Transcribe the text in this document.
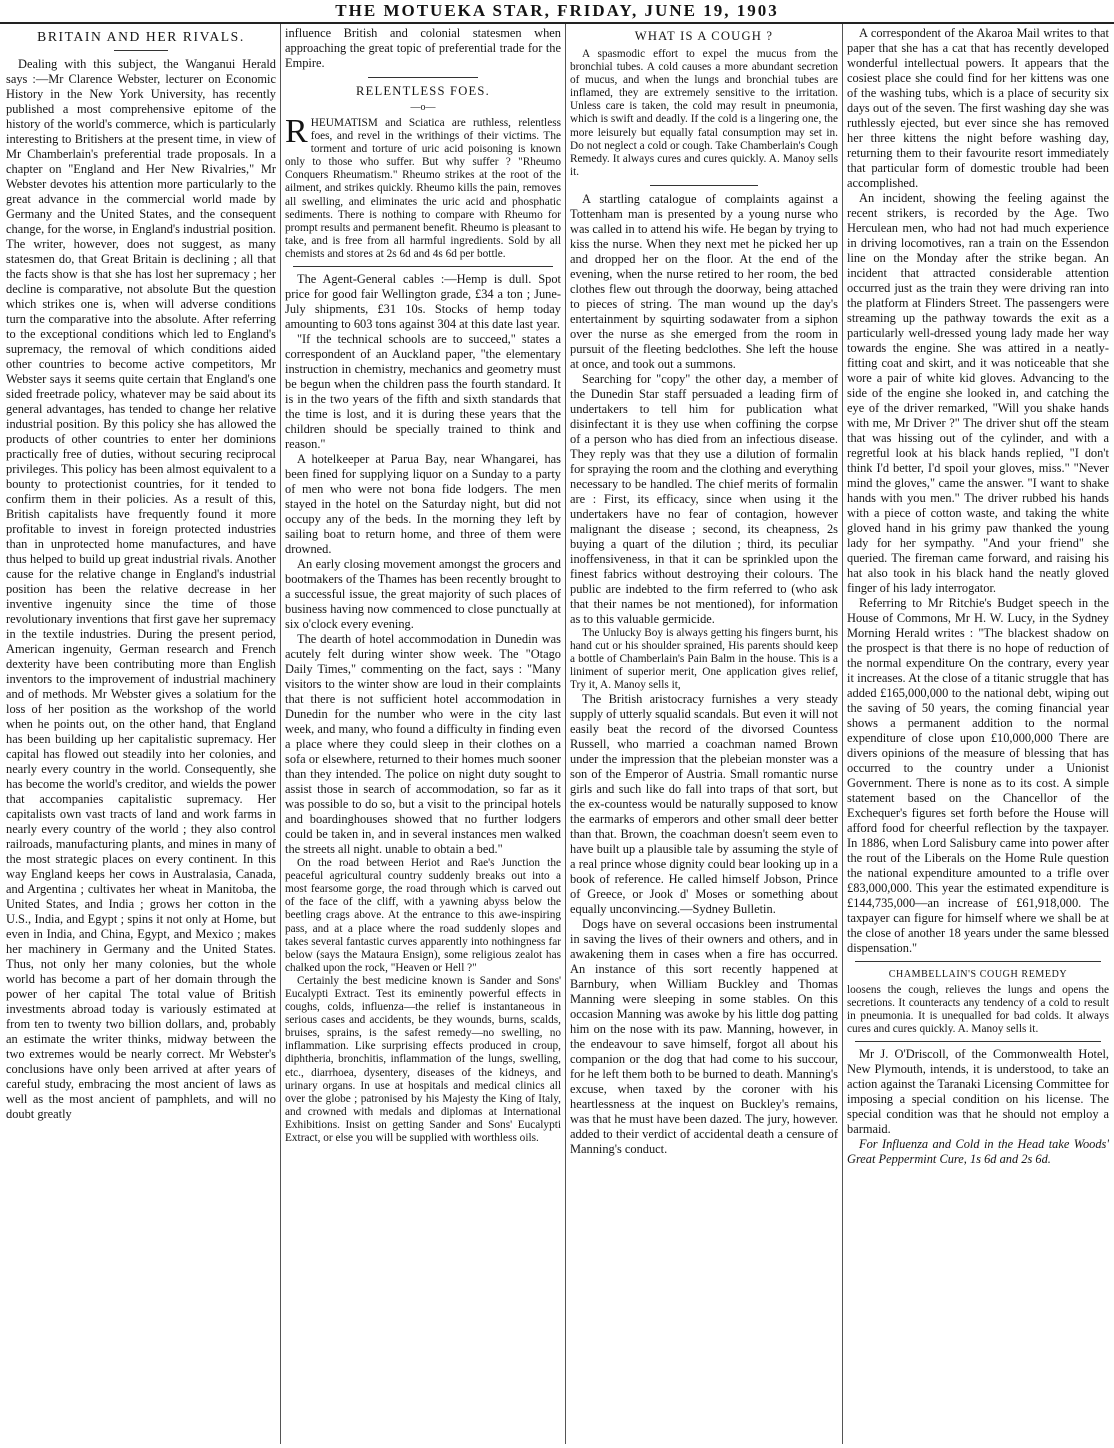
THE MOTUEKA STAR, FRIDAY, JUNE 19, 1903
BRITAIN AND HER RIVALS.

Dealing with this subject, the Wanganui Herald says :—Mr Clarence Webster, lecturer on Economic History in the New York University, has recently published a most comprehensive epitome of the history of the world's commerce, which is particularly interesting to Britishers at the present time, in view of Mr Chamberlain's preferential trade proposals. In a chapter on "England and Her New Rivalries," Mr Webster devotes his attention more particularly to the great advance in the commercial world made by Germany and the United States, and the consequent change, for the worse, in England's industrial position. The writer, however, does not suggest, as many statesmen do, that Great Britain is declining ; all that the facts show is that she has lost her supremacy ; her decline is comparative, not absolute But the question which strikes one is, when will adverse conditions turn the comparative into the absolute. After referring to the exceptional conditions which led to England's supremacy, the removal of which conditions aided other countries to become active competitors, Mr Webster says it seems quite certain that England's one sided freetrade policy, whatever may be said about its general advantages, has tended to change her relative industrial position. By this policy she has allowed the products of other countries to enter her dominions practically free of duties, without securing reciprocal privileges. This policy has been almost equivalent to a bounty to protectionist countries, for it tended to confirm them in their policies. As a result of this, British capitalists have frequently found it more profitable to invest in foreign protected industries than in unprotected home manufactures, and have thus helped to build up great industrial rivals. Another cause for the relative change in England's industrial position has been the relative decrease in her inventive ingenuity since the time of those revolutionary inventions that first gave her supremacy in the textile industries. During the present period, American ingenuity, German research and French dexterity have been contributing more than English inventors to the improvement of industrial machinery and of methods. Mr Webster gives a solatium for the loss of her position as the workshop of the world when he points out, on the other hand, that England has been building up her capitalistic supremacy. Her capital has flowed out steadily into her colonies, and nearly every country in the world. Consequently, she has become the world's creditor, and wields the power that accompanies capitalistic supremacy. Her capitalists own vast tracts of land and work farms in nearly every country of the world ; they also control railroads, manufacturing plants, and mines in many of the most strategic places on every continent. In this way England keeps her cows in Australasia, Canada, and Argentina ; cultivates her wheat in Manitoba, the United States, and India ; grows her cotton in the U.S., India, and Egypt ; spins it not only at Home, but even in India, and China, Egypt, and Mexico ; makes her machinery in Germany and the United States. Thus, not only her many colonies, but the whole world has become a part of her domain through the power of her capital The total value of British investments abroad today is variously estimated at from ten to twenty two billion dollars, and, probably an estimate the writer thinks, midway between the two extremes would be nearly correct. Mr Webster's conclusions have only been arrived at after years of careful study, embracing the most ancient of laws as well as the most ancient of pamphlets, and will no doubt greatly

influence British and colonial statesmen when approaching the great topic of preferential trade for the Empire.

RELENTLESS FOES.
—o—

RHEUMATISM and Sciatica are ruthless, relentless foes, and revel in the writhings of their victims. The torment and torture of uric acid poisoning is known only to those who suffer. But why suffer ? "Rheumo Conquers Rheumatism." Rheumo strikes at the root of the ailment, and strikes quickly. Rheumo kills the pain, removes all swelling, and eliminates the uric acid and phosphatic sediments. There is nothing to compare with Rheumo for prompt results and permanent benefit. Rheumo is pleasant to take, and is free from all harmful ingredients. Sold by all chemists and stores at 2s 6d and 4s 6d per bottle.

The Agent-General cables :—Hemp is dull. Spot price for good fair Wellington grade, £34 a ton ; June-July shipments, £31 10s. Stocks of hemp today amounting to 603 tons against 304 at this date last year.

"If the technical schools are to succeed," states a correspondent of an Auckland paper, "the elementary instruction in chemistry, mechanics and geometry must be begun when the children pass the fourth standard. It is in the two years of the fifth and sixth standards that the time is lost, and it is during these years that the children should be specially trained to think and reason."

A hotelkeeper at Parua Bay, near Whangarei, has been fined for supplying liquor on a Sunday to a party of men who were not bona fide lodgers. The men stayed in the hotel on the Saturday night, but did not occupy any of the beds. In the morning they left by sailing boat to return home, and three of them were drowned.

An early closing movement amongst the grocers and bootmakers of the Thames has been recently brought to a successful issue, the great majority of such places of business having now commenced to close punctually at six o'clock every evening.

The dearth of hotel accommodation in Dunedin was acutely felt during winter show week. The "Otago Daily Times," commenting on the fact, says : "Many visitors to the winter show are loud in their complaints that there is not sufficient hotel accommodation in Dunedin for the number who were in the city last week, and many, who found a difficulty in finding even a place where they could sleep in their clothes on a sofa or elsewhere, returned to their homes much sooner than they intended. The police on night duty sought to assist those in search of accommodation, so far as it was possible to do so, but a visit to the principal hotels and boardinghouses showed that no further lodgers could be taken in, and in several instances men walked the streets all night. unable to obtain a bed."

On the road between Heriot and Rae's Junction the peaceful agricultural country suddenly breaks out into a most fearsome gorge, the road through which is carved out of the face of the cliff, with a yawning abyss below the beetling crags above. At the entrance to this awe-inspiring pass, and at a place where the road suddenly slopes and takes several fantastic curves apparently into nothingness far below (says the Mataura Ensign), some religious zealot has chalked upon the rock, "Heaven or Hell ?"

Certainly the best medicine known is Sander and Sons' Eucalypti Extract. Test its eminently powerful effects in coughs, colds, influenza—the relief is instantaneous in serious cases and accidents, be they wounds, burns, scalds, bruises, sprains, is the safest remedy—no swelling, no inflammation. Like surprising effects produced in croup, diphtheria, bronchitis, inflammation of the lungs, swelling, etc., diarrhoea, dysentery, diseases of the kidneys, and urinary organs. In use at hospitals and medical clinics all over the globe ; patronised by his Majesty the King of Italy, and crowned with medals and diplomas at International Exhibitions. Insist on getting Sander and Sons' Eucalypti Extract, or else you will be supplied with worthless oils.

WHAT IS A COUGH ?

A spasmodic effort to expel the mucus from the bronchial tubes. A cold causes a more abundant secretion of mucus, and when the lungs and bronchial tubes are inflamed, they are extremely sensitive to the irritation. Unless care is taken, the cold may result in pneumonia, which is swift and deadly. If the cold is a lingering one, the more leisurely but equally fatal consumption may set in. Do not neglect a cold or cough. Take Chamberlain's Cough Remedy. It always cures and cures quickly. A. Manoy sells it.

A startling catalogue of complaints against a Tottenham man is presented by a young nurse who was called in to attend his wife. He began by trying to kiss the nurse. When they next met he picked her up and dropped her on the floor. At the end of the evening, when the nurse retired to her room, the bed clothes flew out through the doorway, being attached to pieces of string. The man wound up the day's entertainment by squirting sodawater from a siphon over the nurse as she emerged from the room in pursuit of the fleeting bedclothes. She left the house at once, and took out a summons.

Searching for "copy" the other day, a member of the Dunedin Star staff persuaded a leading firm of undertakers to tell him for publication what disinfectant it is they use when coffining the corpse of a person who has died from an infectious disease. They reply was that they use a dilution of formalin for spraying the room and the clothing and everything necessary to be handled. The chief merits of formalin are : First, its efficacy, since when using it the undertakers have no fear of contagion, however malignant the disease ; second, its cheapness, 2s buying a quart of the dilution ; third, its peculiar inoffensiveness, in that it can be sprinkled upon the finest fabrics without destroying their colours. The public are indebted to the firm referred to (who ask that their names be not mentioned), for information as to this valuable germicide.

The Unlucky Boy is always getting his fingers burnt, his hand cut or his shoulder sprained, His parents should keep a bottle of Chamberlain's Pain Balm in the house. This is a liniment of superior merit, One application gives relief, Try it, A. Manoy sells it,

The British aristocracy furnishes a very steady supply of utterly squalid scandals. But even it will not easily beat the record of the divorsed Countess Russell, who married a coachman named Brown under the impression that the plebeian monster was a son of the Emperor of Austria. Small romantic nurse girls and such like do fall into traps of that sort, but the ex-countess would be naturally supposed to know the earmarks of emperors and other small deer better than that. Brown, the coachman doesn't seem even to have built up a plausible tale by assuming the style of a real prince whose dignity could bear looking up in a book of reference. He called himself Jobson, Prince of Greece, or Jook d' Moses or something about equally unconvincing.—Sydney Bulletin.

Dogs have on several occasions been instrumental in saving the lives of their owners and others, and in awakening them in cases when a fire has occurred. An instance of this sort recently happened at Barnbury, when William Buckley and Thomas Manning were sleeping in some stables. On this occasion Manning was awoke by his little dog patting him on the nose with its paw. Manning, however, in the endeavour to save himself, forgot all about his companion or the dog that had come to his succour, for he left them both to be burned to death. Manning's excuse, when taxed by the coroner with his heartlessness at the inquest on Buckley's remains, was that he must have been dazed. The jury, however. added to their verdict of accidental death a censure of Manning's conduct.

A correspondent of the Akaroa Mail writes to that paper that she has a cat that has recently developed wonderful intellectual powers. It appears that the cosiest place she could find for her kittens was one of the washing tubs, which is a place of security six days out of the seven. The first washing day she was ruthlessly ejected, but ever since she has removed her three kittens the night before washing day, returning them to their favourite resort immediately that particular form of domestic trouble had been accomplished.

An incident, showing the feeling against the recent strikers, is recorded by the Age. Two Herculean men, who had not had much experience in driving locomotives, ran a train on the Essendon line on the Monday after the strike began. An incident that attracted considerable attention occurred just as the train they were driving ran into the platform at Flinders Street. The passengers were streaming up the pathway towards the exit as a particularly well-dressed young lady made her way towards the engine. She was attired in a neatly-fitting coat and skirt, and it was noticeable that she wore a pair of white kid gloves. Advancing to the side of the engine she looked in, and catching the eye of the driver remarked, "Will you shake hands with me, Mr Driver ?" The driver shut off the steam that was hissing out of the cylinder, and with a regretful look at his black hands replied, "I don't think I'd better, I'd spoil your gloves, miss." "Never mind the gloves," came the answer. "I want to shake hands with you men." The driver rubbed his hands with a piece of cotton waste, and taking the white gloved hand in his grimy paw thanked the young lady for her sympathy. "And your friend" she queried. The fireman came forward, and raising his hat also took in his black hand the neatly gloved finger of his lady interrogator.

Referring to Mr Ritchie's Budget speech in the House of Commons, Mr H. W. Lucy, in the Sydney Morning Herald writes : "The blackest shadow on the prospect is that there is no hope of reduction of the normal expenditure On the contrary, every year it increases. At the close of a titanic struggle that has added £165,000,000 to the national debt, wiping out the saving of 50 years, the coming financial year shows a permanent addition to the normal expenditure of close upon £10,000,000 There are divers opinions of the measure of blessing that has occurred to the country under a Unionist Government. There is none as to its cost. A simple statement based on the Chancellor of the Exchequer's figures set forth before the House will afford food for cheerful reflection by the taxpayer. In 1886, when Lord Salisbury came into power after the rout of the Liberals on the Home Rule question the national expenditure amounted to a trifle over £83,000,000. This year the estimated expenditure is £144,735,000—an increase of £61,918,000. The taxpayer can figure for himself where we shall be at the close of another 18 years under the same blessed dispensation."

CHAMBELLAIN'S COUGH REMEDY

loosens the cough, relieves the lungs and opens the secretions. It counteracts any tendency of a cold to result in pneumonia. It is unequalled for bad colds. It always cures and cures quickly. A. Manoy sells it.

Mr J. O'Driscoll, of the Commonwealth Hotel, New Plymouth, intends, it is understood, to take an action against the Taranaki Licensing Committee for imposing a special condition on his license. The special condition was that he should not employ a barmaid.

For Influenza and Cold in the Head take Woods' Great Peppermint Cure, 1s 6d and 2s 6d.
